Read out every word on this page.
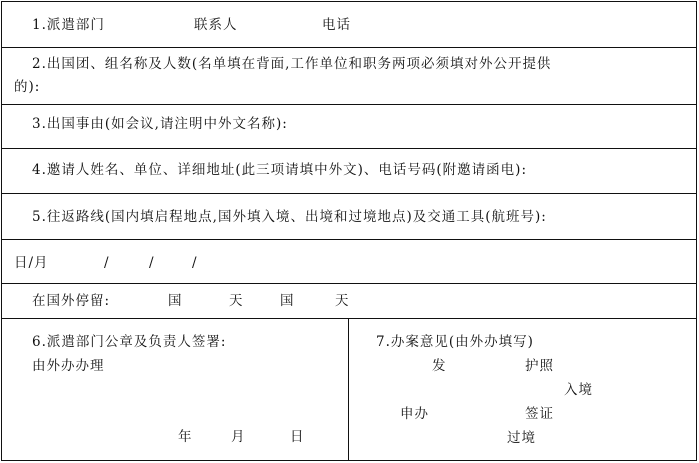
1.派遣部门	联系人	电话
2.出国团、组名称及人数(名单填在背面,工作单位和职务两项必须填对外公开提供
的):
3.出国事由(如会议,请注明中外文名称):
4.邀请人姓名、单位、详细地址(此三项请填中外文)、电话号码(附邀请函电):
5.往返路线(国内填启程地点,国外填入境、出境和过境地点)及交通工具(航班号):
日/月	/	/	/
在国外停留:	国	天	国	天
6.派遣部门公章及负责人签署:
由外办办理
年	月	日
7.办案意见(由外办填写)
发	护照
入境
申办	签证
过境
